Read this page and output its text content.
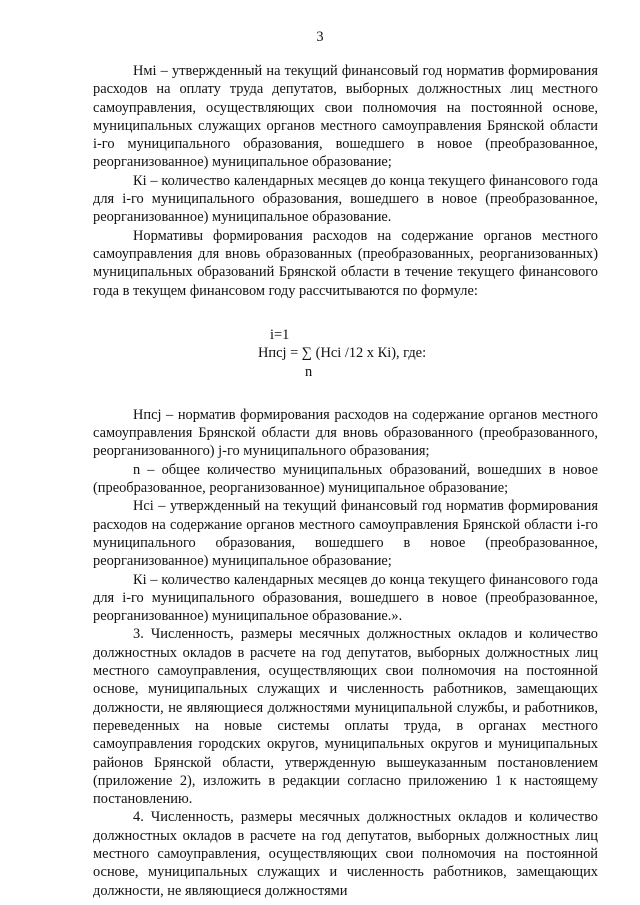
3

Hмi – утвержденный на текущий финансовый год норматив формирования расходов на оплату труда депутатов, выборных должностных лиц местного самоуправления, осуществляющих свои полномочия на постоянной основе, муниципальных служащих органов местного самоуправления Брянской области i-го муниципального образования, вошедшего в новое (преобразованное, реорганизованное) муниципальное образование;

Кi – количество календарных месяцев до конца текущего финансового года для i-го муниципального образования, вошедшего в новое (преобразованное, реорганизованное) муниципальное образование.

Нормативы формирования расходов на содержание органов местного самоуправления для вновь образованных (преобразованных, реорганизованных) муниципальных образований Брянской области в течение текущего финансового года в текущем финансовом году рассчитываются по формуле:

i=1
Нпсj = ∑ (Нсi /12 х Кi), где:
n

Нпсj – норматив формирования расходов на содержание органов местного самоуправления Брянской области для вновь образованного (преобразованного, реорганизованного) j-го муниципального образования;

n – общее количество муниципальных образований, вошедших в новое (преобразованное, реорганизованное) муниципальное образование;

Нсi – утвержденный на текущий финансовый год норматив формирования расходов на содержание органов местного самоуправления Брянской области i-го муниципального образования, вошедшего в новое (преобразованное, реорганизованное) муниципальное образование;

Кi – количество календарных месяцев до конца текущего финансового года для i-го муниципального образования, вошедшего в новое (преобразованное, реорганизованное) муниципальное образование.».

3. Численность, размеры месячных должностных окладов и количество должностных окладов в расчете на год депутатов, выборных должностных лиц местного самоуправления, осуществляющих свои полномочия на постоянной основе, муниципальных служащих и численность работников, замещающих должности, не являющиеся должностями муниципальной службы, и работников, переведенных на новые системы оплаты труда, в органах местного самоуправления городских округов, муниципальных округов и муниципальных районов Брянской области, утвержденную вышеуказанным постановлением (приложение 2), изложить в редакции согласно приложению 1 к настоящему постановлению.

4. Численность, размеры месячных должностных окладов и количество должностных окладов в расчете на год депутатов, выборных должностных лиц местного самоуправления, осуществляющих свои полномочия на постоянной основе, муниципальных служащих и численность работников, замещающих должности, не являющиеся должностями
